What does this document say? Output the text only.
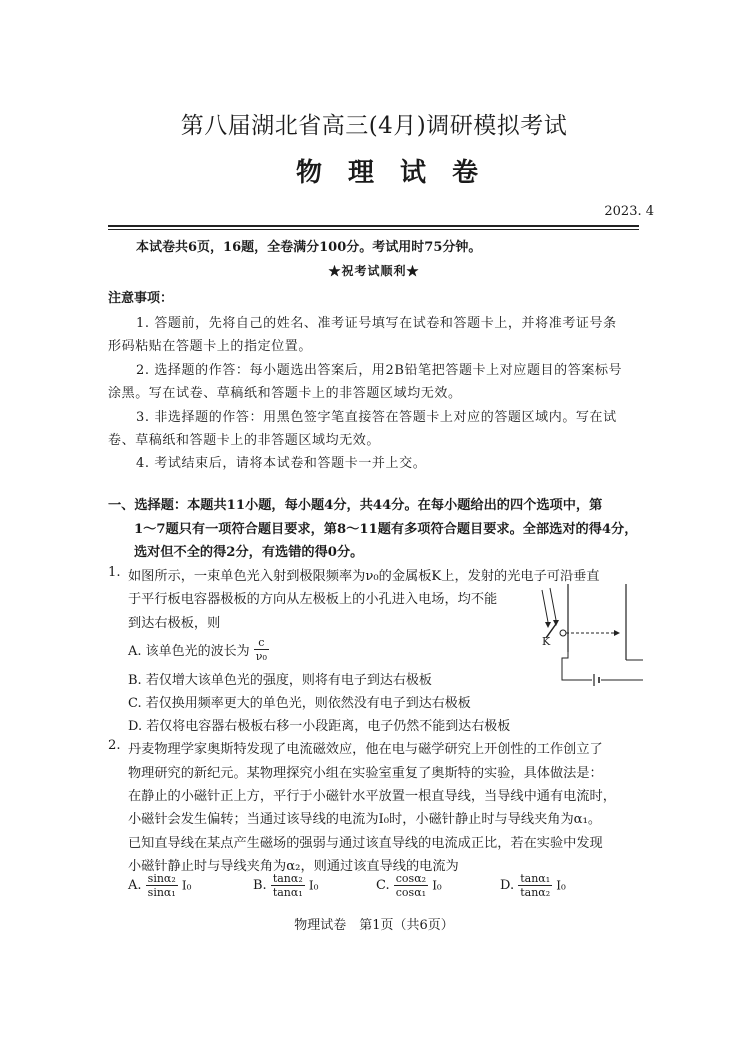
第八届湖北省高三(4月)调研模拟考试
物理试卷
2023. 4
本试卷共6页，16题，全卷满分100分。考试用时75分钟。
★祝考试顺利★
注意事项：
1. 答题前，先将自己的姓名、准考证号填写在试卷和答题卡上，并将准考证号条
形码粘贴在答题卡上的指定位置。
2. 选择题的作答：每小题选出答案后，用2B铅笔把答题卡上对应题目的答案标号
涂黑。写在试卷、草稿纸和答题卡上的非答题区域均无效。
3. 非选择题的作答：用黑色签字笔直接答在答题卡上对应的答题区域内。写在试
卷、草稿纸和答题卡上的非答题区域均无效。
4. 考试结束后，请将本试卷和答题卡一并上交。
一、选择题：本题共11小题，每小题4分，共44分。在每小题给出的四个选项中，第
1～7题只有一项符合题目要求，第8～11题有多项符合题目要求。全部选对的得4分，
选对但不全的得2分，有选错的得0分。
1. 如图所示，一束单色光入射到极限频率为ν₀的金属板K上，发射的光电子可沿垂直
于平行板电容器极板的方向从左极板上的小孔进入电场，均不能
到达右极板，则
A. 该单色光的波长为 $\frac{c}{\text{ν₀}}$
B. 若仅增大该单色光的强度，则将有电子到达右极板
C. 若仅换用频率更大的单色光，则依然没有电子到达右极板
D. 若仅将电容器右极板右移一小段距离，电子仍然不能到达右极板
K
2. 丹麦物理学家奥斯特发现了电流磁效应，他在电与磁学研究上开创性的工作创立了
物理研究的新纪元。某物理探究小组在实验室重复了奥斯特的实验，具体做法是：
在静止的小磁针正上方，平行于小磁针水平放置一根直导线，当导线中通有电流时，
小磁针会发生偏转；当通过该导线的电流为I₀时，小磁针静止时与导线夹角为α₁。
已知直导线在某点产生磁场的强弱与通过该直导线的电流成正比，若在实验中发现
小磁针静止时与导线夹角为α₂，则通过该直导线的电流为
A. $\frac{\text{sinα₂}}{\text{sinα₁}} I_0$	B. $\frac{\text{tanα₂}}{\text{tanα₁}} I_0$	C. $\frac{\text{cosα₂}}{\text{cosα₁}} I_0$	D. $\frac{\text{tanα₁}}{\text{tanα₂}} I_0$
物理试卷　第1页（共6页）
